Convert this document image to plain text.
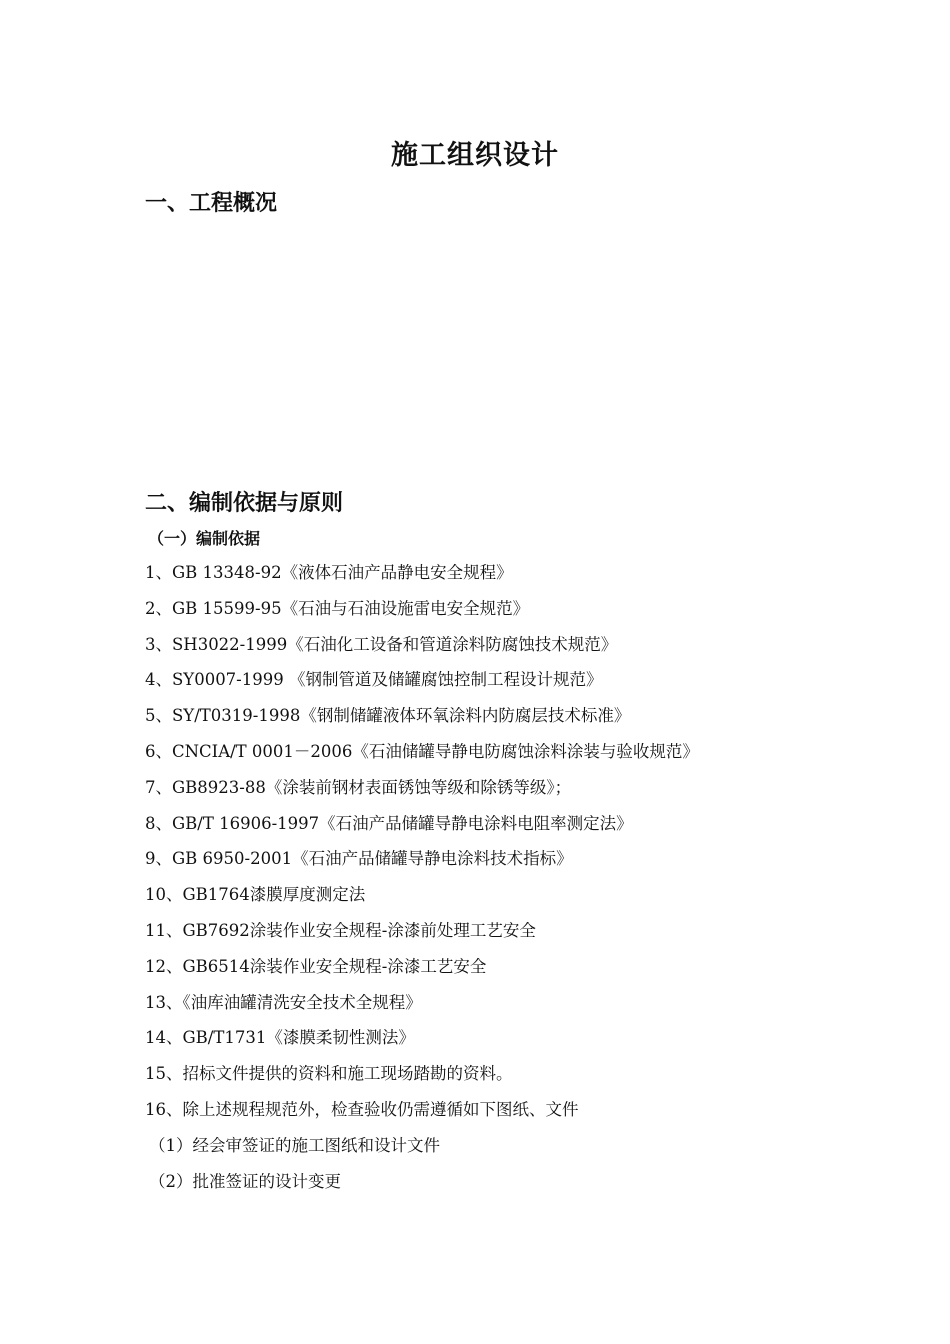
施工组织设计
一、工程概况
二、编制依据与原则
（一）编制依据
1、GB 13348-92《液体石油产品静电安全规程》
2、GB 15599-95《石油与石油设施雷电安全规范》
3、SH3022-1999《石油化工设备和管道涂料防腐蚀技术规范》
4、SY0007-1999 《钢制管道及储罐腐蚀控制工程设计规范》
5、SY/T0319-1998《钢制储罐液体环氧涂料内防腐层技术标准》
6、CNCIA/T 0001－2006《石油储罐导静电防腐蚀涂料涂装与验收规范》
7、GB8923-88《涂装前钢材表面锈蚀等级和除锈等级》；
8、GB/T 16906-1997《石油产品储罐导静电涂料电阻率测定法》
9、GB 6950-2001《石油产品储罐导静电涂料技术指标》
10、GB1764漆膜厚度测定法
11、GB7692涂装作业安全规程-涂漆前处理工艺安全
12、GB6514涂装作业安全规程-涂漆工艺安全
13、《油库油罐清洗安全技术全规程》
14、GB/T1731《漆膜柔韧性测法》
15、招标文件提供的资料和施工现场踏勘的资料。
16、除上述规程规范外，检查验收仍需遵循如下图纸、文件
（1）经会审签证的施工图纸和设计文件
（2）批准签证的设计变更
